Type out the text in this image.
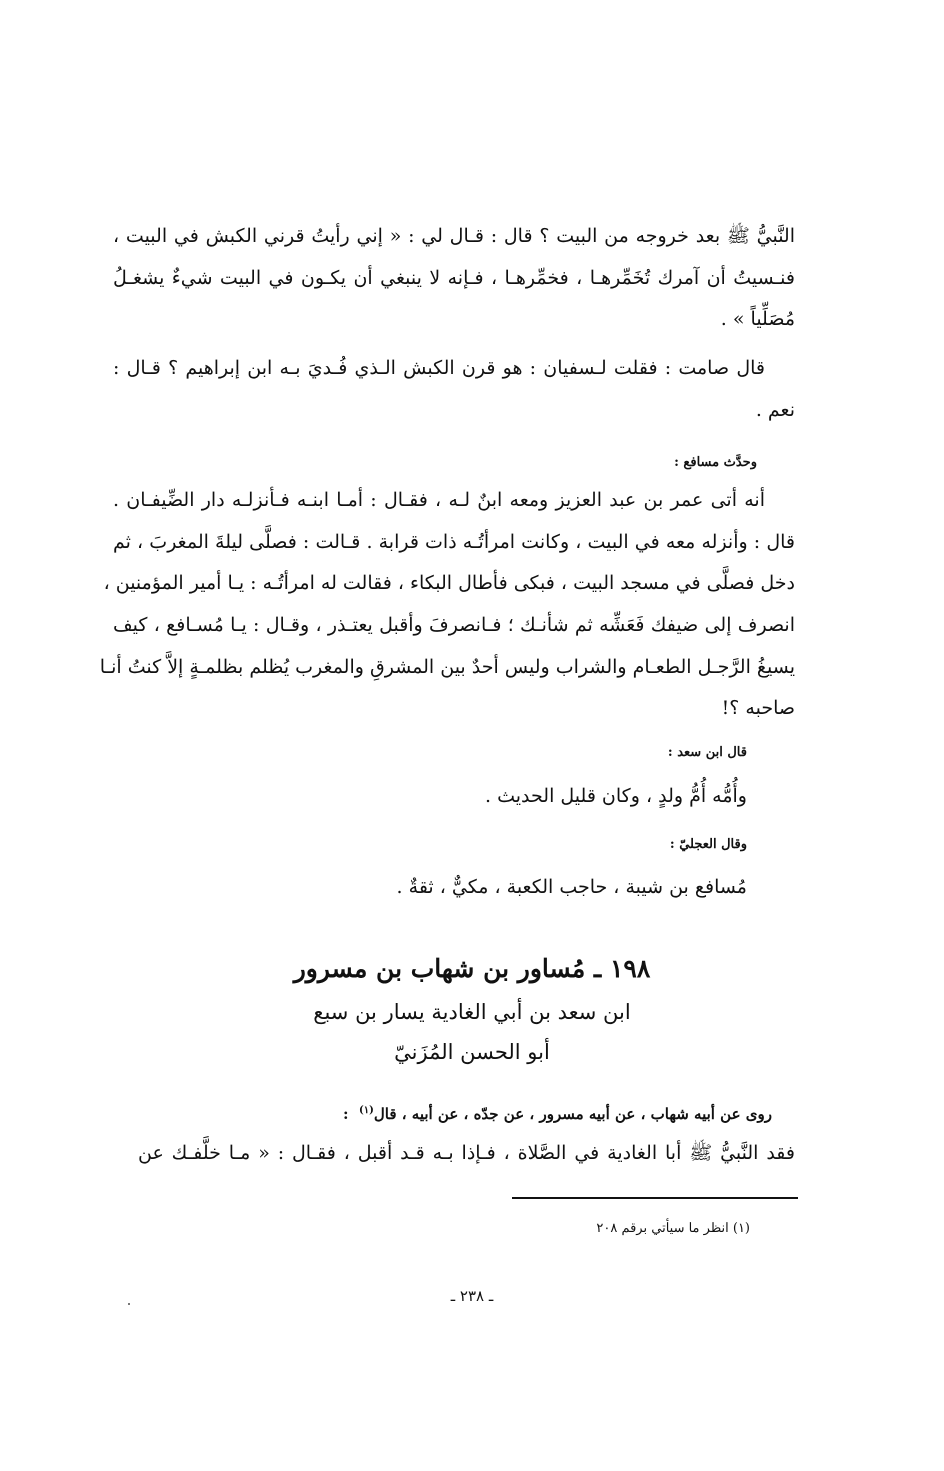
النَّبيُّ ﷺ بعد خروجه من البيت ؟ قال : قـال لي : « إني رأيتُ قرني الكبش في البيت ،
فنـسيتُ أن آمرك تُخَمِّرهـا ، فخمِّرهـا ، فـإنه لا ينبغي أن يكـون في البيت شيءٌ يشغـلُ
مُصَلِّياً » .
قال صامت : فقلت لـسفيان : هو قرن الكبش الـذي فُـديَ بـه ابن إبراهيم ؟ قـال :
نعم .
وحدَّث مسافع :
أنه أتى عمر بن عبد العزيز ومعه ابنٌ لـه ، فقـال : أمـا ابنـه فـأنزلـه دار الضِّيفـان .
قال : وأنزله معه في البيت ، وكانت امرأتُـه ذات قرابة . قـالت : فصلَّى ليلةَ المغربَ ، ثم
دخل فصلَّى في مسجد البيت ، فبكى فأطال البكاء ، فقالت له امرأتُـه : يـا أمير المؤمنين ،
انصرف إلى ضيفك فَعَشِّه ثم شأنـك ؛ فـانصرفَ وأقبل يعتـذر ، وقـال : يـا مُسـافع ، كيف
يسيغُ الرَّجـل الطعـام والشراب وليس أحدٌ بين المشرقِ والمغرب يُظلم بظلمـةٍ إلاَّ كنتُ أنـا
صاحبه ؟!
قال ابن سعد :
وأُمُّه أُمُّ ولدٍ ، وكان قليل الحديث .
وقال العجليّ :
مُسافع بن شيبة ، حاجب الكعبة ، مكيٌّ ، ثقةٌ .
١٩٨ ـ مُساور بن شهاب بن مسرور
ابن سعد بن أبي الغادية يسار بن سبع
أبو الحسن المُزَنيّ
روى عن أبيه شهاب ، عن أبيه مسرور ، عن جدّه ، عن أبيه ، قال$^{(١)}$  :
فقد النَّبيُّ ﷺ أبا الغادية في الصَّلاة ، فـإذا بـه قـد أقبل ، فقـال : « مـا خلَّفـك عن
(١) انظر ما سيأتي برقم ٢٠٨
ـ ٢٣٨ ـ
